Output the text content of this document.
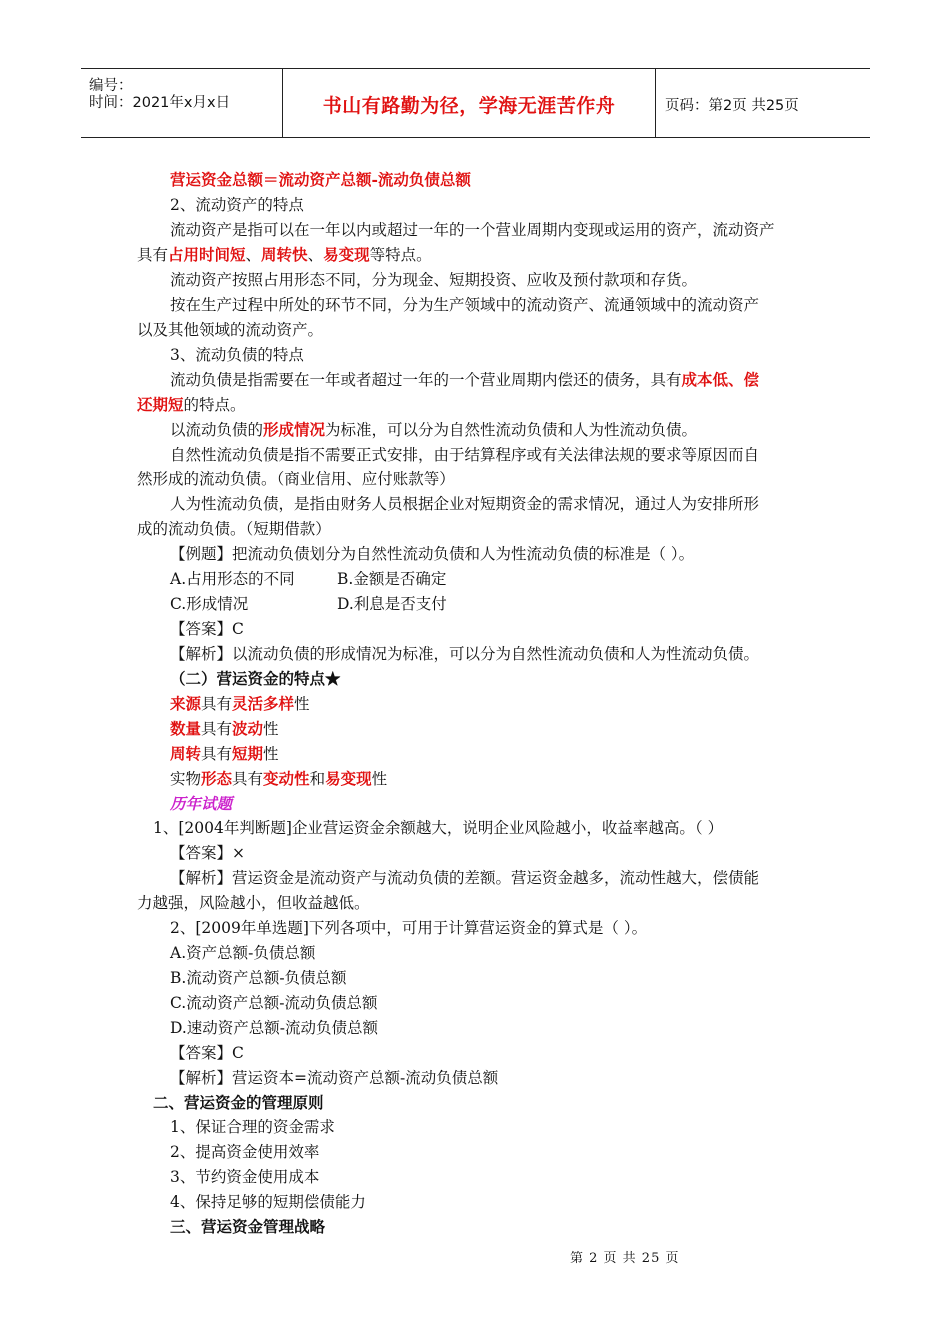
编号：
时间：2021年x月x日	书山有路勤为径，学海无涯苦作舟	页码：第2页 共25页
营运资金总额＝流动资产总额-流动负债总额
2、流动资产的特点
流动资产是指可以在一年以内或超过一年的一个营业周期内变现或运用的资产，流动资产
具有占用时间短、周转快、易变现等特点。
流动资产按照占用形态不同，分为现金、短期投资、应收及预付款项和存货。
按在生产过程中所处的环节不同，分为生产领域中的流动资产、流通领域中的流动资产
以及其他领域的流动资产。
3、流动负债的特点
流动负债是指需要在一年或者超过一年的一个营业周期内偿还的债务，具有成本低、偿
还期短的特点。
以流动负债的形成情况为标准，可以分为自然性流动负债和人为性流动负债。
自然性流动负债是指不需要正式安排，由于结算程序或有关法律法规的要求等原因而自
然形成的流动负债。（商业信用、应付账款等）
人为性流动负债，是指由财务人员根据企业对短期资金的需求情况，通过人为安排所形
成的流动负债。（短期借款）
【例题】把流动负债划分为自然性流动负债和人为性流动负债的标准是（ ）。
A.占用形态的不同	B.金额是否确定
C.形成情况	D.利息是否支付
【答案】C
【解析】以流动负债的形成情况为标准，可以分为自然性流动负债和人为性流动负债。
（二）营运资金的特点★
来源具有灵活多样性
数量具有波动性
周转具有短期性
实物形态具有变动性和易变现性
历年试题
1、[2004年判断题]企业营运资金余额越大，说明企业风险越小，收益率越高。（ ）
【答案】×
【解析】营运资金是流动资产与流动负债的差额。营运资金越多，流动性越大，偿债能
力越强，风险越小，但收益越低。
2、[2009年单选题]下列各项中，可用于计算营运资金的算式是（ ）。
A.资产总额-负债总额
B.流动资产总额-负债总额
C.流动资产总额-流动负债总额
D.速动资产总额-流动负债总额
【答案】C
【解析】营运资本=流动资产总额-流动负债总额
二、营运资金的管理原则
1、保证合理的资金需求
2、提高资金使用效率
3、节约资金使用成本
4、保持足够的短期偿债能力
三、营运资金管理战略
第 2 页 共 25 页
